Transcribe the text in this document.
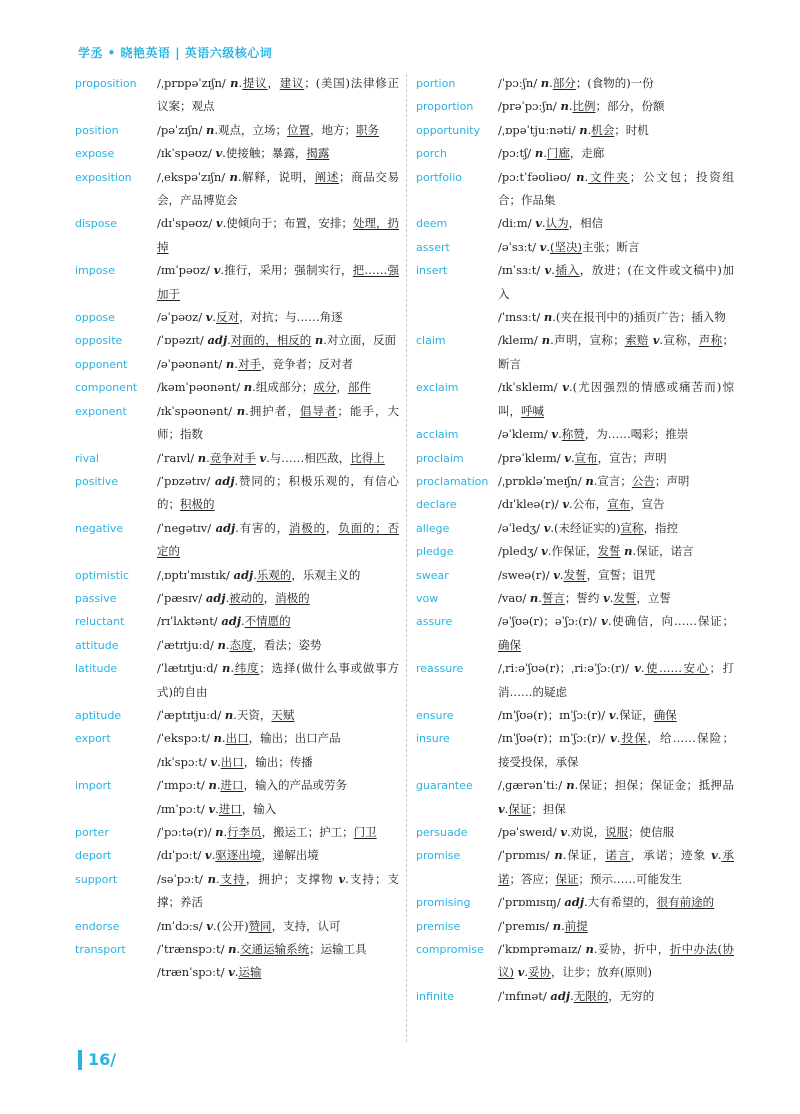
学丞 • 晓艳英语 | 英语六级核心词
proposition /ˌprɒpəˈzɪʃn/ n.提议，建议；(美国)法律修正议案；观点
position	/pəˈzɪʃn/ n.观点，立场；位置，地方；职务
expose	/ɪkˈspəʊz/ v.使接触；暴露，揭露
exposition /ˌekspəˈzɪʃn/ n.解释，说明，阐述；商品交易会，产品博览会
dispose	/dɪˈspəʊz/ v.使倾向于；布置，安排；处理，扔掉
impose	/ɪmˈpəʊz/ v.推行，采用；强制实行，把……强加于
oppose	/əˈpəʊz/ v.反对，对抗；与……角逐
opposite	/ˈɒpəzɪt/ adj.对面的，相反的 n.对立面，反面
opponent	/əˈpəʊnənt/ n.对手，竞争者；反对者
component /kəmˈpəʊnənt/ n.组成部分；成分，部件
exponent	/ɪkˈspəʊnənt/ n.拥护者，倡导者；能手，大师；指数
rival	/ˈraɪvl/ n.竞争对手 v.与……相匹敌，比得上
positive	/ˈpɒzətɪv/ adj.赞同的；积极乐观的，有信心的；积极的
negative	/ˈnegətɪv/ adj.有害的，消极的，负面的；否定的
optimistic /ˌɒptɪˈmɪstɪk/ adj.乐观的，乐观主义的
passive	/ˈpæsɪv/ adj.被动的，消极的
reluctant	/rɪˈlʌktənt/ adj.不情愿的
attitude	/ˈætɪtjuːd/ n.态度，看法；姿势
latitude	/ˈlætɪtjuːd/ n.纬度；选择(做什么事或做事方式)的自由
aptitude	/ˈæptɪtjuːd/ n.天资，天赋
export	/ˈekspɔːt/ n.出口，输出；出口产品
/ɪkˈspɔːt/ v.出口，输出；传播
import	/ˈɪmpɔːt/ n.进口，输入的产品或劳务
/ɪmˈpɔːt/ v.进口，输入
porter	/ˈpɔːtə(r)/ n.行李员，搬运工；护工；门卫
deport	/dɪˈpɔːt/ v.驱逐出境，递解出境
support	/səˈpɔːt/ n.支持，拥护；支撑物 v.支持；支撑；养活
endorse	/ɪnˈdɔːs/ v.(公开)赞同，支持，认可
transport	/ˈtrænspɔːt/ n.交通运输系统；运输工具
/trænˈspɔːt/ v.运输
portion	/ˈpɔːʃn/ n.部分；(食物的)一份
proportion /prəˈpɔːʃn/ n.比例；部分，份额
opportunity /ˌɒpəˈtjuːnəti/ n.机会；时机
porch	/pɔːtʃ/ n.门廊，走廊
portfolio	/pɔːtˈfəʊliəʊ/ n.文件夹；公文包；投资组合；作品集
deem	/diːm/ v.认为，相信
assert	/əˈsɜːt/ v.(坚决)主张；断言
insert	/ɪnˈsɜːt/ v.插入，放进；(在文件或文稿中)加入
/ˈɪnsɜːt/ n.(夹在报刊中的)插页广告；插入物
claim	/kleɪm/ n.声明，宣称；索赔 v.宣称，声称；断言
exclaim	/ɪkˈskleɪm/ v.(尤因强烈的情感或痛苦而)惊叫，呼喊
acclaim	/əˈkleɪm/ v.称赞，为……喝彩；推崇
proclaim	/prəˈkleɪm/ v.宣布，宣告；声明
proclamation /ˌprɒkləˈmeɪʃn/ n.宣言；公告；声明
declare	/dɪˈkleə(r)/ v.公布，宣布，宣告
allege	/əˈledʒ/ v.(未经证实的)宣称，指控
pledge	/pledʒ/ v.作保证，发誓 n.保证，诺言
swear	/sweə(r)/ v.发誓，宣誓；诅咒
vow	/vaʊ/ n.誓言；誓约 v.发誓，立誓
assure	/əˈʃʊə(r)；əˈʃɔː(r)/ v.使确信，向……保证；确保
reassure	/ˌriːəˈʃʊə(r)；ˌriːəˈʃɔː(r)/ v.使……安心；打消……的疑虑
ensure	/ɪnˈʃʊə(r)；ɪnˈʃɔː(r)/ v.保证，确保
insure	/ɪnˈʃʊə(r)；ɪnˈʃɔː(r)/ v.投保，给……保险；接受投保，承保
guarantee /ˌɡærənˈtiː/ n.保证；担保；保证金；抵押品 v.保证；担保
persuade	/pəˈsweɪd/ v.劝说，说服；使信服
promise	/ˈprɒmɪs/ n.保证，诺言，承诺；迹象 v.承诺；答应；保证；预示……可能发生
promising /ˈprɒmɪsɪŋ/ adj.大有希望的，很有前途的
premise	/ˈpremɪs/ n.前提
compromise /ˈkɒmprəmaɪz/ n.妥协，折中，折中办法(协议) v.妥协，让步；放弃(原则)
infinite	/ˈɪnfɪnət/ adj.无限的，无穷的
16/
